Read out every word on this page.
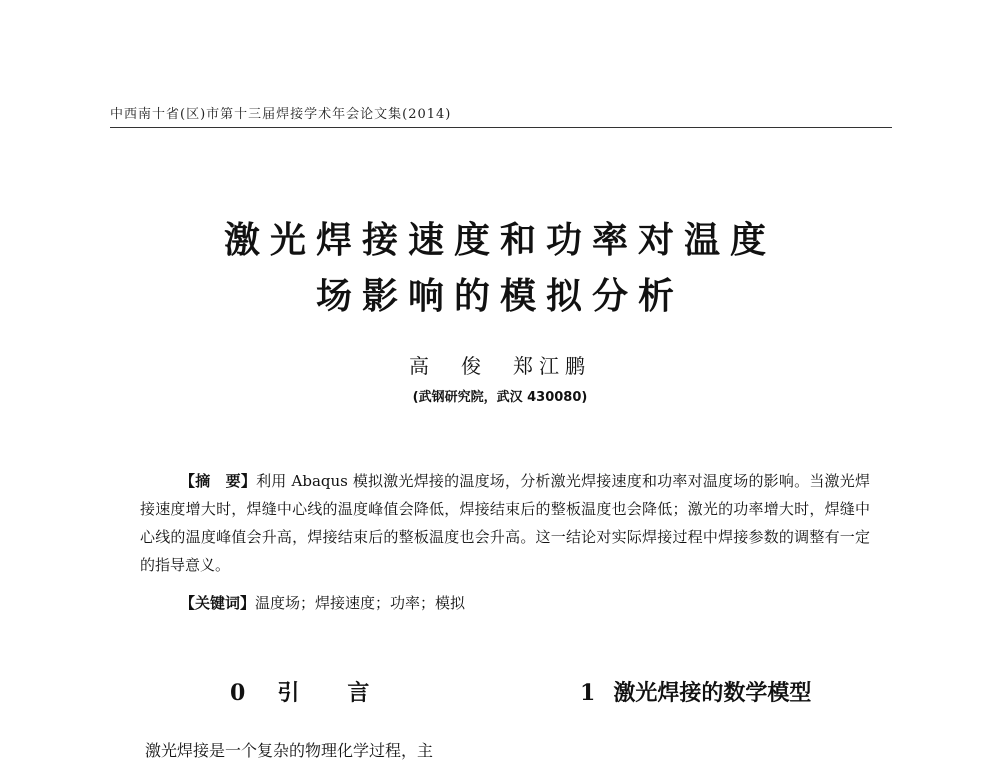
中西南十省(区)市第十三届焊接学术年会论文集(2014)
激光焊接速度和功率对温度
场影响的模拟分析
高　俊　郑江鹏
(武钢研究院，武汉 430080)
【摘　要】利用 Abaqus 模拟激光焊接的温度场，分析激光焊接速度和功率对温度场的影响。当激光焊接速度增大时，焊缝中心线的温度峰值会降低，焊接结束后的整板温度也会降低；激光的功率增大时，焊缝中心线的温度峰值会升高，焊接结束后的整板温度也会升高。这一结论对实际焊接过程中焊接参数的调整有一定的指导意义。
【关键词】温度场；焊接速度；功率；模拟
0 引言	1 激光焊接的数学模型
激光焊接是一个复杂的物理化学过程，主
